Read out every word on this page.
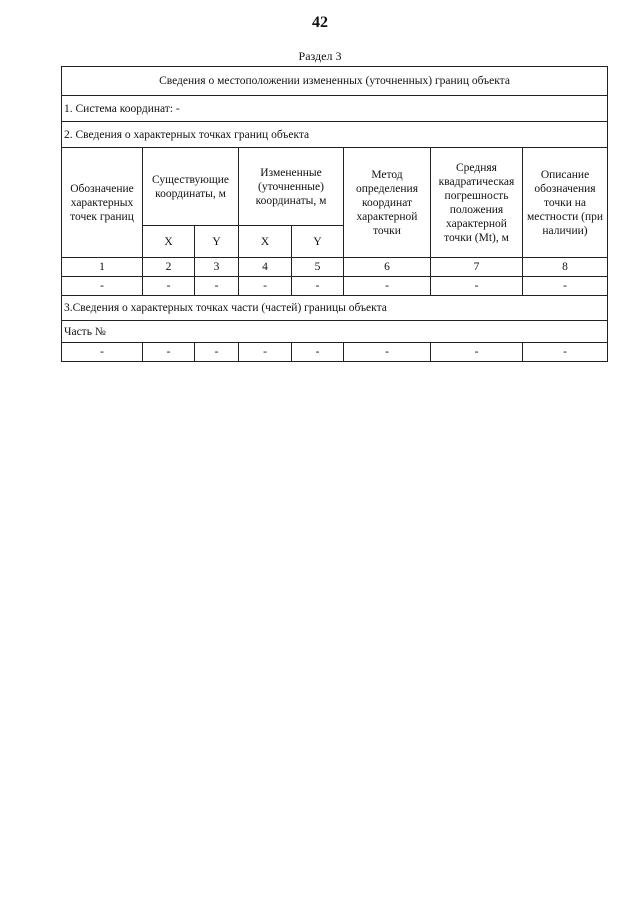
42
Раздел 3
Сведения о местоположении измененных (уточненных) границ объекта							
1. Система координат: -							
2. Сведения о характерных точках границ объекта							
Обозначение характерных точек границ	Существующие координаты, м		Измененные (уточненные) координаты, м		Метод определения координат характерной точки	Средняя квадратическая погрешность положения характерной точки (Mt), м	Описание обозначения точки на местности (при наличии)
	X	Y	X	Y			
1	2	3	4	5	6	7	8
-	-	-	-	-	-	-	-
3.Сведения о характерных точках части (частей) границы объекта							
Часть №							
-	-	-	-	-	-	-	-
